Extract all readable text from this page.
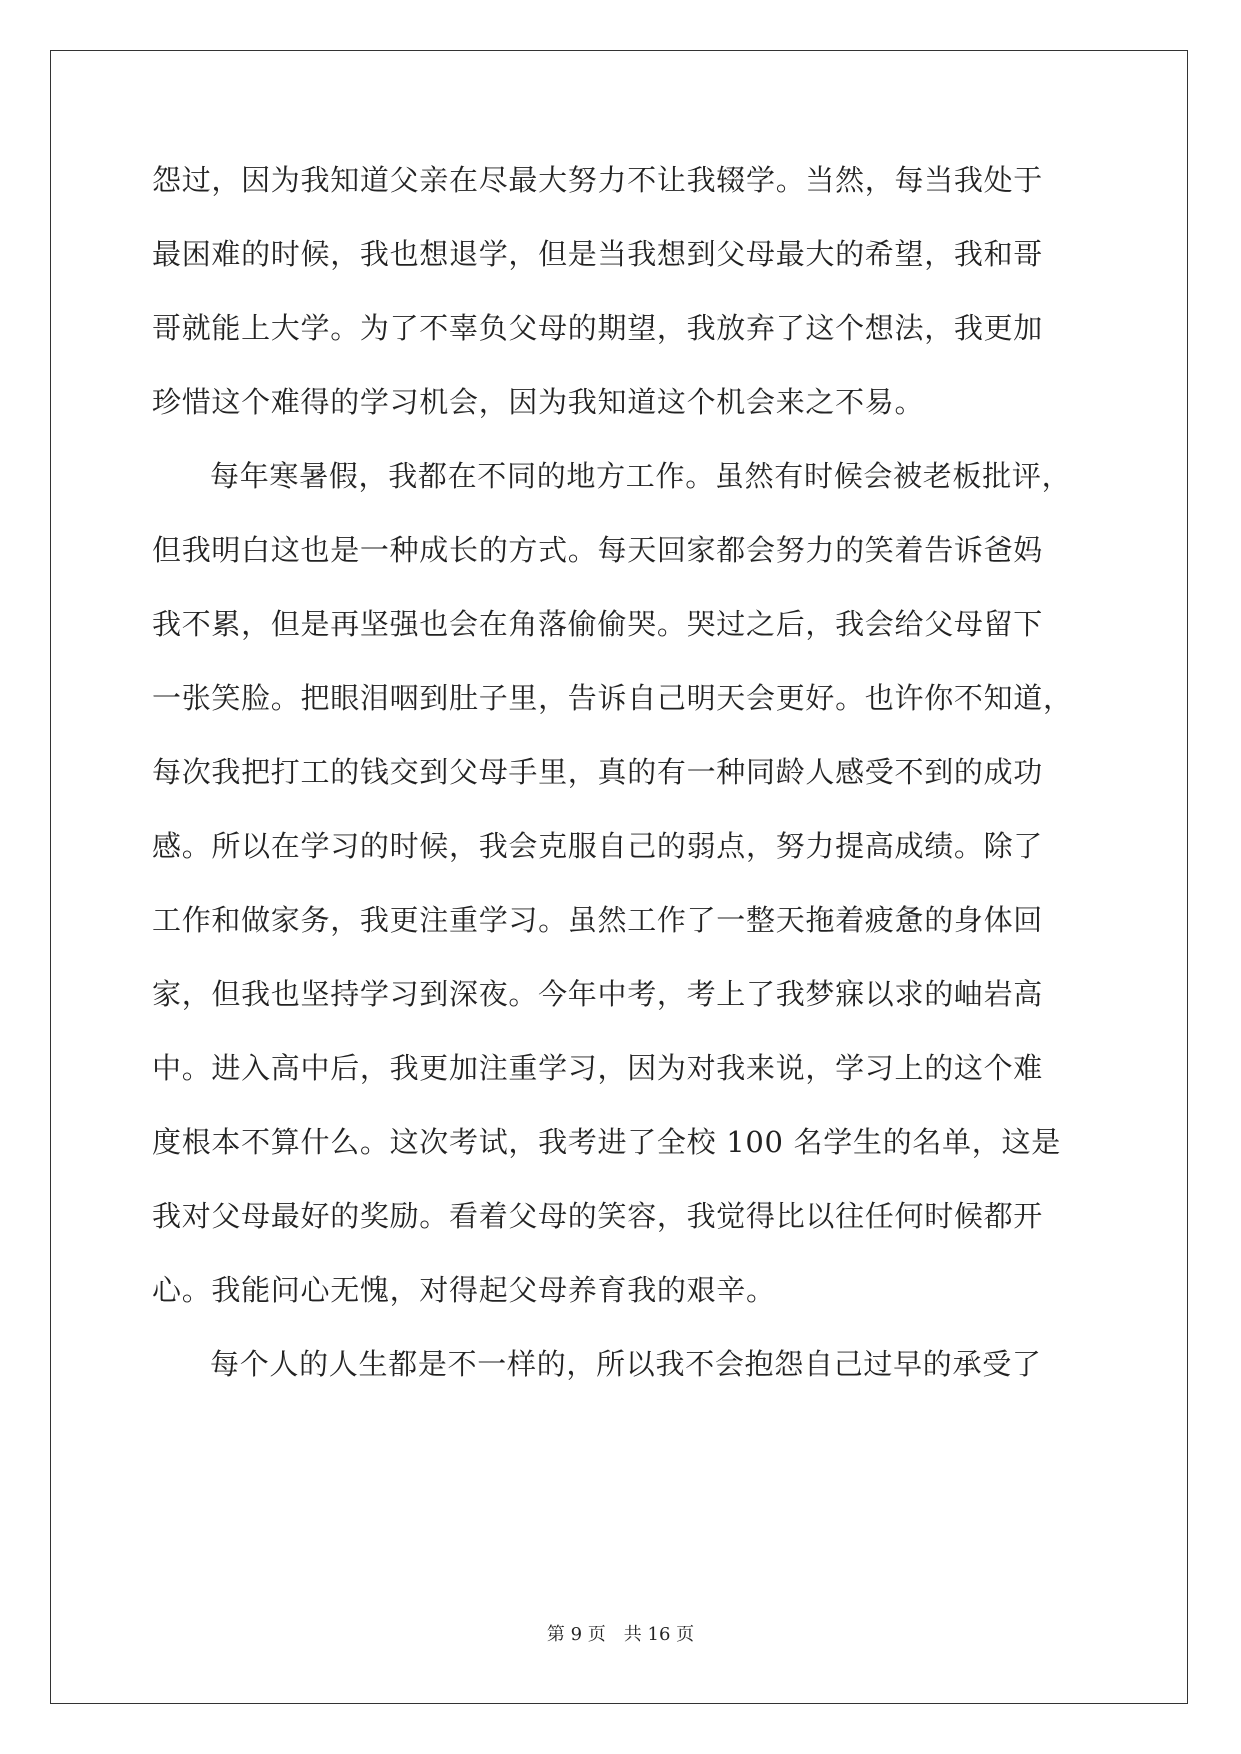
怨过，因为我知道父亲在尽最大努力不让我辍学。当然，每当我处于
最困难的时候，我也想退学，但是当我想到父母最大的希望，我和哥
哥就能上大学。为了不辜负父母的期望，我放弃了这个想法，我更加
珍惜这个难得的学习机会，因为我知道这个机会来之不易。
每年寒暑假，我都在不同的地方工作。虽然有时候会被老板批评，
但我明白这也是一种成长的方式。每天回家都会努力的笑着告诉爸妈
我不累，但是再坚强也会在角落偷偷哭。哭过之后，我会给父母留下
一张笑脸。把眼泪咽到肚子里，告诉自己明天会更好。也许你不知道，
每次我把打工的钱交到父母手里，真的有一种同龄人感受不到的成功
感。所以在学习的时候，我会克服自己的弱点，努力提高成绩。除了
工作和做家务，我更注重学习。虽然工作了一整天拖着疲惫的身体回
家，但我也坚持学习到深夜。今年中考，考上了我梦寐以求的岫岩高
中。进入高中后，我更加注重学习，因为对我来说，学习上的这个难
度根本不算什么。这次考试，我考进了全校 100 名学生的名单，这是
我对父母最好的奖励。看着父母的笑容，我觉得比以往任何时候都开
心。我能问心无愧，对得起父母养育我的艰辛。
每个人的人生都是不一样的，所以我不会抱怨自己过早的承受了
第 9 页 共 16 页
